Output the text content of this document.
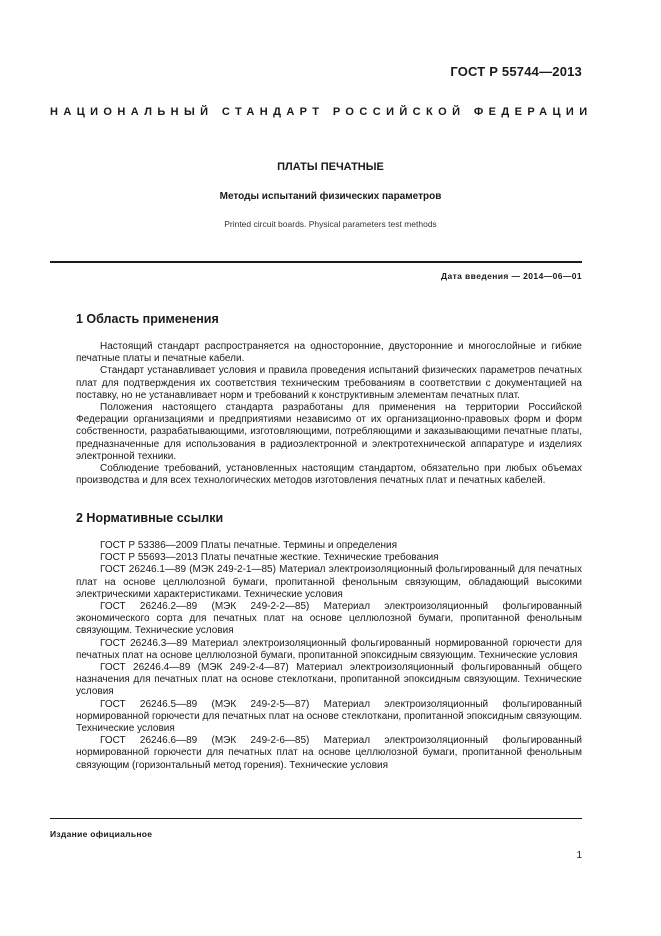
ГОСТ Р 55744—2013
НАЦИОНАЛЬНЫЙ СТАНДАРТ РОССИЙСКОЙ ФЕДЕРАЦИИ
ПЛАТЫ ПЕЧАТНЫЕ
Методы испытаний физических параметров
Printed circuit boards. Physical parameters test methods
Дата введения — 2014—06—01
1 Область применения

Настоящий стандарт распространяется на односторонние, двусторонние и многослойные и гибкие печатные платы и печатные кабели.

Стандарт устанавливает условия и правила проведения испытаний физических параметров печатных плат для подтверждения их соответствия техническим требованиям в соответствии с документацией на поставку, но не устанавливает норм и требований к конструктивным элементам печатных плат.

Положения настоящего стандарта разработаны для применения на территории Российской Федерации организациями и предприятиями независимо от их организационно-правовых форм и форм собственности, разрабатывающими, изготовляющими, потребляющими и заказывающими печатные платы, предназначенные для использования в радиоэлектронной и электротехнической аппаратуре и изделиях электронной техники.

Соблюдение требований, установленных настоящим стандартом, обязательно при любых объемах производства и для всех технологических методов изготовления печатных плат и печатных кабелей.

2 Нормативные ссылки

ГОСТ Р 53386—2009 Платы печатные. Термины и определения

ГОСТ Р 55693—2013 Платы печатные жесткие. Технические требования

ГОСТ 26246.1—89 (МЭК 249-2-1—85) Материал электроизоляционный фольгированный для печатных плат на основе целлюлозной бумаги, пропитанной фенольным связующим, обладающий высокими электрическими характеристиками. Технические условия

ГОСТ 26246.2—89 (МЭК 249-2-2—85) Материал электроизоляционный фольгированный экономического сорта для печатных плат на основе целлюлозной бумаги, пропитанной фенольным связующим. Технические условия

ГОСТ 26246.3—89 Материал электроизоляционный фольгированный нормированной горючести для печатных плат на основе целлюлозной бумаги, пропитанной эпоксидным связующим. Технические условия

ГОСТ 26246.4—89 (МЭК 249-2-4—87) Материал электроизоляционный фольгированный общего назначения для печатных плат на основе стеклоткани, пропитанной эпоксидным связующим. Технические условия

ГОСТ 26246.5—89 (МЭК 249-2-5—87) Материал электроизоляционный фольгированный нормированной горючести для печатных плат на основе стеклоткани, пропитанной эпоксидным связующим. Технические условия

ГОСТ 26246.6—89 (МЭК 249-2-6—85) Материал электроизоляционный фольгированный нормированной горючести для печатных плат на основе целлюлозной бумаги, пропитанной фенольным связующим (горизонтальный метод горения). Технические условия

Издание официальное
1
